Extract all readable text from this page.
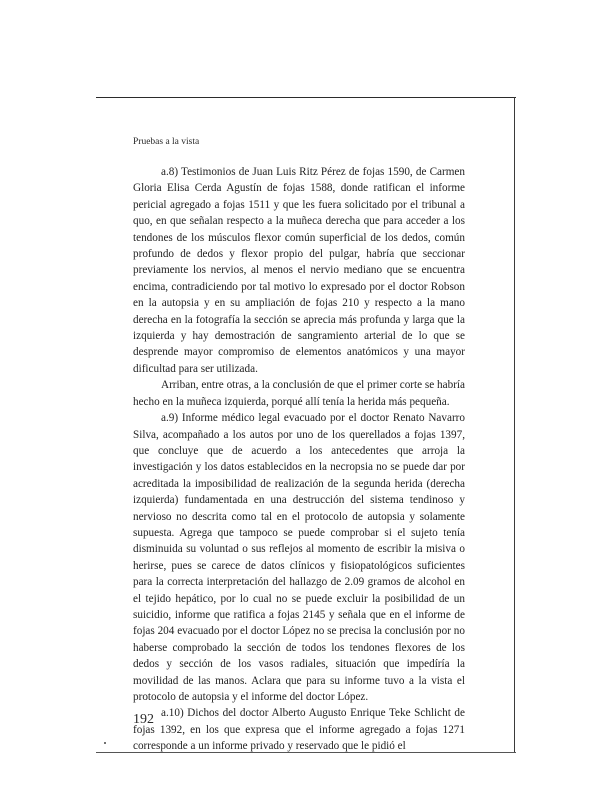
Pruebas a la vista

a.8) Testimonios de Juan Luis Ritz Pérez de fojas 1590, de Carmen Gloria Elisa Cerda Agustín de fojas 1588, donde ratifican el informe pericial agregado a fojas 1511 y que les fuera solicitado por el tribunal a quo, en que señalan respecto a la muñeca derecha que para acceder a los tendones de los músculos flexor común superficial de los dedos, común profundo de dedos y flexor propio del pulgar, habría que seccionar previamente los nervios, al menos el nervio mediano que se encuentra encima, contradiciendo por tal motivo lo expresado por el doctor Robson en la autopsia y en su ampliación de fojas 210 y respecto a la mano derecha en la fotografía la sección se aprecia más profunda y larga que la izquierda y hay demostración de sangramiento arterial de lo que se desprende mayor compromiso de elementos anatómicos y una mayor dificultad para ser utilizada.

Arriban, entre otras, a la conclusión de que el primer corte se habría hecho en la muñeca izquierda, porqué allí tenía la herida más pequeña.

a.9) Informe médico legal evacuado por el doctor Renato Navarro Silva, acompañado a los autos por uno de los querellados a fojas 1397, que concluye que de acuerdo a los antecedentes que arroja la investigación y los datos establecidos en la necropsia no se puede dar por acreditada la imposibilidad de realización de la segunda herida (derecha izquierda) fundamentada en una destrucción del sistema tendinoso y nervioso no descrita como tal en el protocolo de autopsia y solamente supuesta. Agrega que tampoco se puede comprobar si el sujeto tenía disminuida su voluntad o sus reflejos al momento de escribir la misiva o herirse, pues se carece de datos clínicos y fisiopatológicos suficientes para la correcta interpretación del hallazgo de 2.09 gramos de alcohol en el tejido hepático, por lo cual no se puede excluir la posibilidad de un suicidio, informe que ratifica a fojas 2145 y señala que en el informe de fojas 204 evacuado por el doctor López no se precisa la conclusión por no haberse comprobado la sección de todos los tendones flexores de los dedos y sección de los vasos radiales, situación que impedíría la movilidad de las manos. Aclara que para su informe tuvo a la vista el protocolo de autopsia y el informe del doctor López.

a.10) Dichos del doctor Alberto Augusto Enrique Teke Schlicht de fojas 1392, en los que expresa que el informe agregado a fojas 1271 corresponde a un informe privado y reservado que le pidió el

192
